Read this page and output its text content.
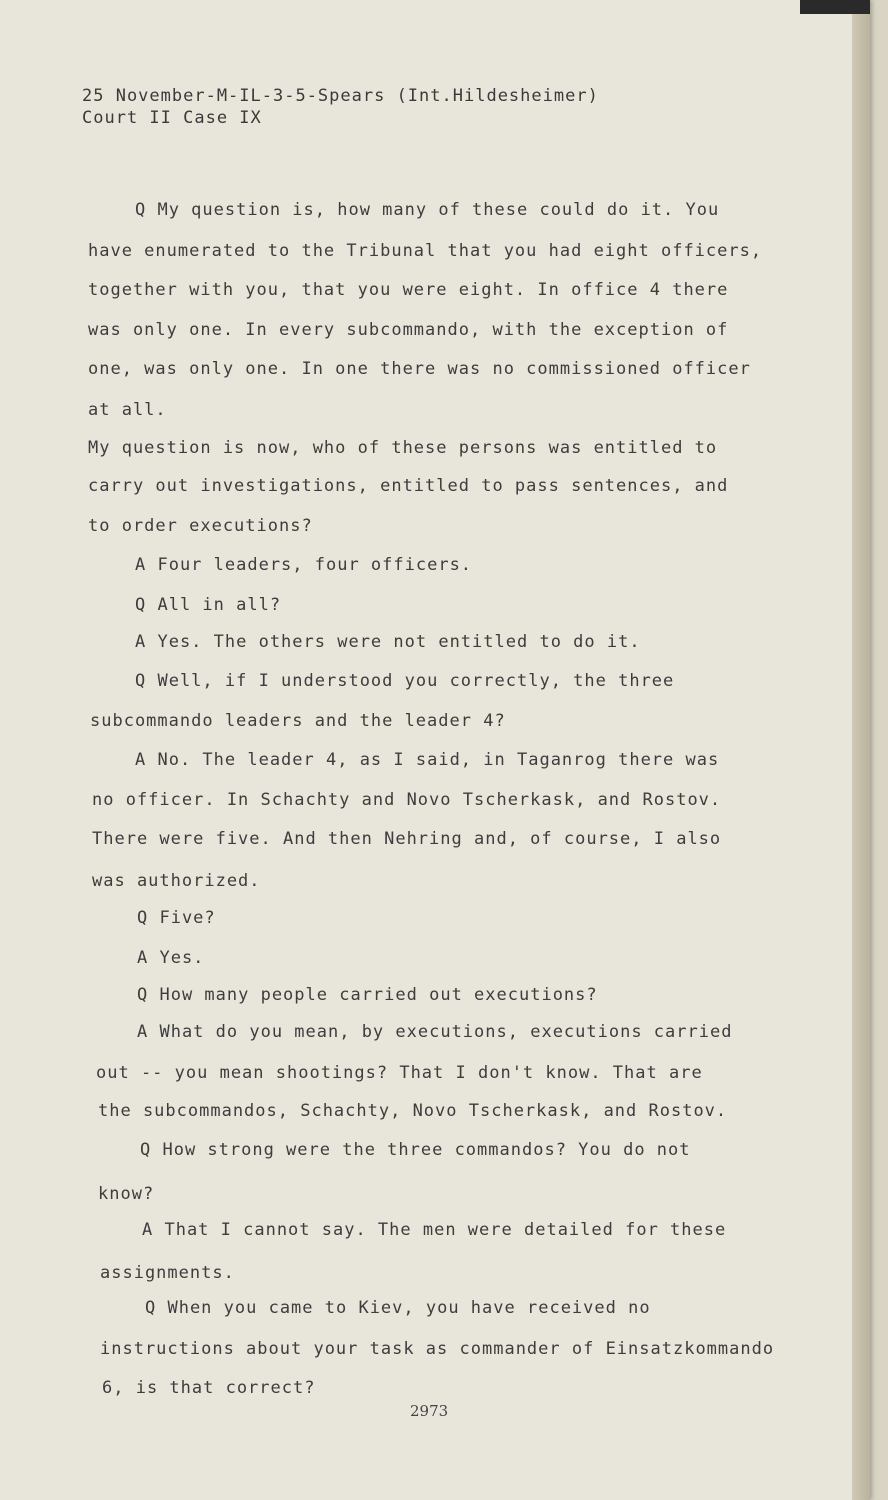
25 November-M-IL-3-5-Spears (Int.Hildesheimer)
Court II Case IX
Q My question is, how many of these could do it. You
have enumerated to the Tribunal that you had eight officers,
together with you, that you were eight. In office 4 there
was only one. In every subcommando, with the exception of
one, was only one. In one there was no commissioned officer
at all.
My question is now, who of these persons was entitled to
carry out investigations, entitled to pass sentences, and
to order executions?
A Four leaders, four officers.
Q All in all?
A Yes. The others were not entitled to do it.
Q Well, if I understood you correctly, the three
subcommando leaders and the leader 4?
A No. The leader 4, as I said, in Taganrog there was
no officer. In Schachty and Novo Tscherkask, and Rostov.
There were five. And then Nehring and, of course, I also
was authorized.
Q Five?
A Yes.
Q How many people carried out executions?
A What do you mean, by executions, executions carried
out -- you mean shootings? That I don't know. That are
the subcommandos, Schachty, Novo Tscherkask, and Rostov.
Q How strong were the three commandos? You do not
know?
A That I cannot say. The men were detailed for these
assignments.
Q When you came to Kiev, you have received no
instructions about your task as commander of Einsatzkommando
6, is that correct?
2973
